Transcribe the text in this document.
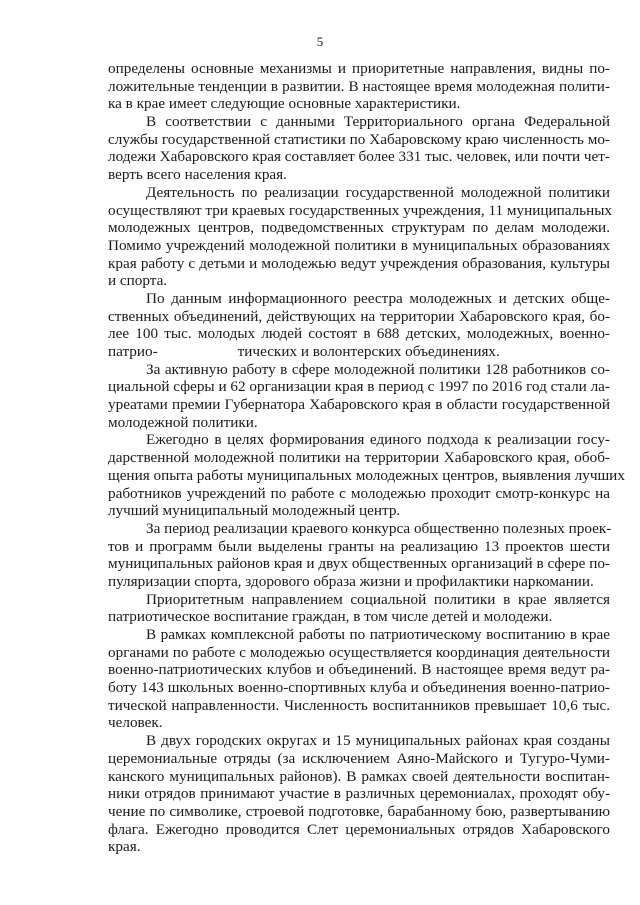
5
определены основные механизмы и приоритетные направления, видны по-
ложительные тенденции в развитии. В настоящее время молодежная полити-
ка в крае имеет следующие основные характеристики.
В соответствии с данными Территориального органа Федеральной
службы государственной статистики по Хабаровскому краю численность мо-
лодежи Хабаровского края составляет более 331 тыс. человек, или почти чет-
верть всего населения края.
Деятельность по реализации государственной молодежной политики
осуществляют три краевых государственных учреждения, 11 муниципальных
молодежных центров, подведомственных структурам по делам молодежи.
Помимо учреждений молодежной политики в муниципальных образованиях
края работу с детьми и молодежью ведут учреждения образования, культуры
и спорта.
По данным информационного реестра молодежных и детских обще-
ственных объединений, действующих на территории Хабаровского края, бо-
лее 100 тыс. молодых людей состоят в 688 детских, молодежных, военно-
патрио-	тических и волонтерских объединениях.
За активную работу в сфере молодежной политики 128 работников со-
циальной сферы и 62 организации края в период с 1997 по 2016 год стали ла-
уреатами премии Губернатора Хабаровского края в области государственной
молодежной политики.
Ежегодно в целях формирования единого подхода к реализации госу-
дарственной молодежной политики на территории Хабаровского края, обоб-
щения опыта работы муниципальных молодежных центров, выявления лучших
работников учреждений по работе с молодежью проходит смотр-конкурс на
лучший муниципальный молодежный центр.
За период реализации краевого конкурса общественно полезных проек-
тов и программ были выделены гранты на реализацию 13 проектов шести
муниципальных районов края и двух общественных организаций в сфере по-
пуляризации спорта, здорового образа жизни и профилактики наркомании.
Приоритетным направлением социальной политики в крае является
патриотическое воспитание граждан, в том числе детей и молодежи.
В рамках комплексной работы по патриотическому воспитанию в крае
органами по работе с молодежью осуществляется координация деятельности
военно-патриотических клубов и объединений. В настоящее время ведут ра-
боту 143 школьных военно-спортивных клуба и объединения военно-патрио-
тической направленности. Численность воспитанников превышает 10,6 тыс.
человек.
В двух городских округах и 15 муниципальных районах края созданы
церемониальные отряды (за исключением Аяно-Майского и Тугуро-Чуми-
канского муниципальных районов). В рамках своей деятельности воспитан-
ники отрядов принимают участие в различных церемониалах, проходят обу-
чение по символике, строевой подготовке, барабанному бою, развертыванию
флага. Ежегодно проводится Слет церемониальных отрядов Хабаровского
края.
